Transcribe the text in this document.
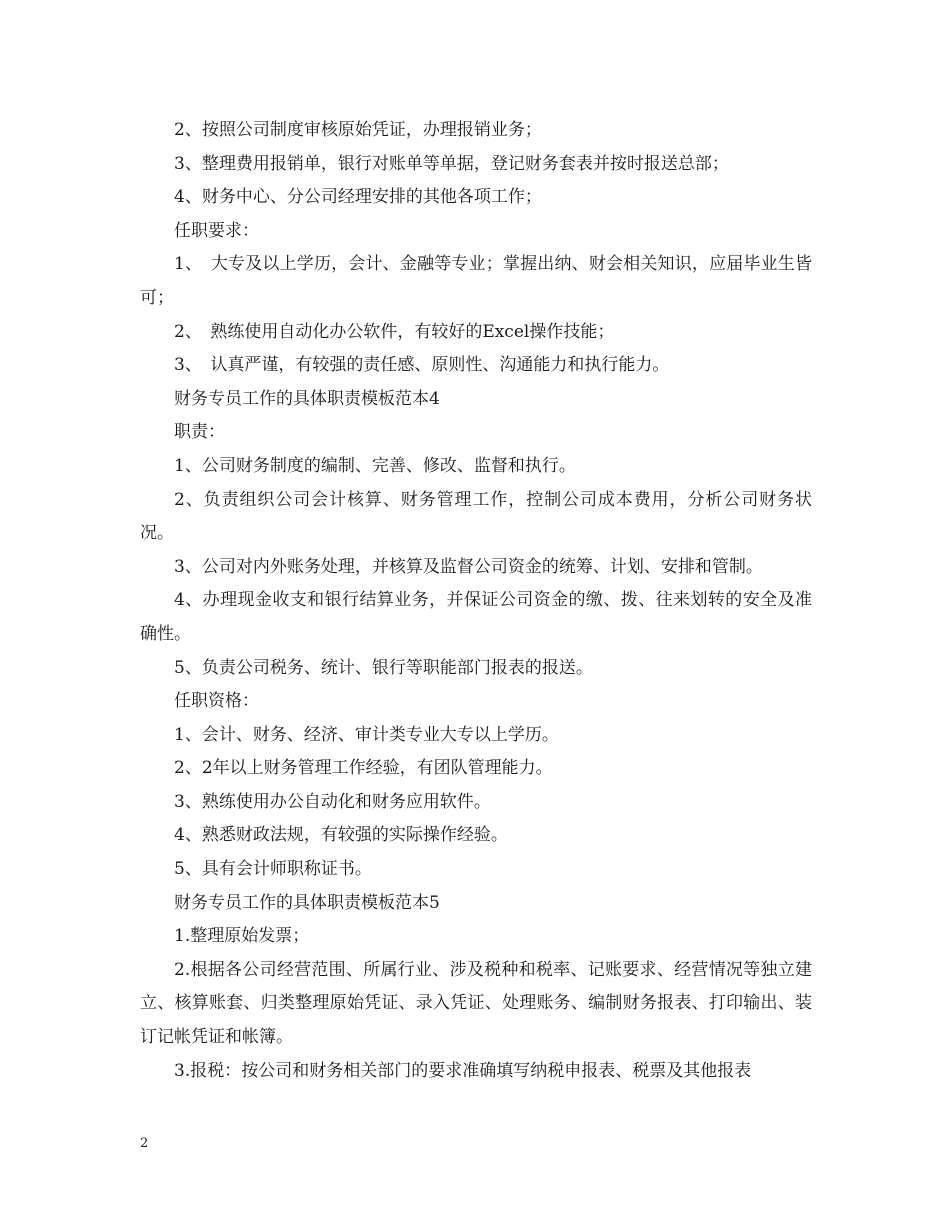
2、按照公司制度审核原始凭证，办理报销业务；

3、整理费用报销单，银行对账单等单据，登记财务套表并按时报送总部；

4、财务中心、分公司经理安排的其他各项工作；

任职要求：

1、　大专及以上学历，会计、金融等专业；掌握出纳、财会相关知识，应届毕业生皆可；

2、　熟练使用自动化办公软件，有较好的Excel操作技能；

3、　认真严谨，有较强的责任感、原则性、沟通能力和执行能力。

财务专员工作的具体职责模板范本4

职责：

1、公司财务制度的编制、完善、修改、监督和执行。

2、负责组织公司会计核算、财务管理工作，控制公司成本费用，分析公司财务状况。

3、公司对内外账务处理，并核算及监督公司资金的统筹、计划、安排和管制。

4、办理现金收支和银行结算业务，并保证公司资金的缴、拨、往来划转的安全及准确性。

5、负责公司税务、统计、银行等职能部门报表的报送。

任职资格：

1、会计、财务、经济、审计类专业大专以上学历。

2、2年以上财务管理工作经验，有团队管理能力。

3、熟练使用办公自动化和财务应用软件。

4、熟悉财政法规，有较强的实际操作经验。

5、具有会计师职称证书。

财务专员工作的具体职责模板范本5

1.整理原始发票；

2.根据各公司经营范围、所属行业、涉及税种和税率、记账要求、经营情况等独立建立、核算账套、归类整理原始凭证、录入凭证、处理账务、编制财务报表、打印输出、装订记帐凭证和帐簿。

3.报税：按公司和财务相关部门的要求准确填写纳税申报表、税票及其他报表

2
